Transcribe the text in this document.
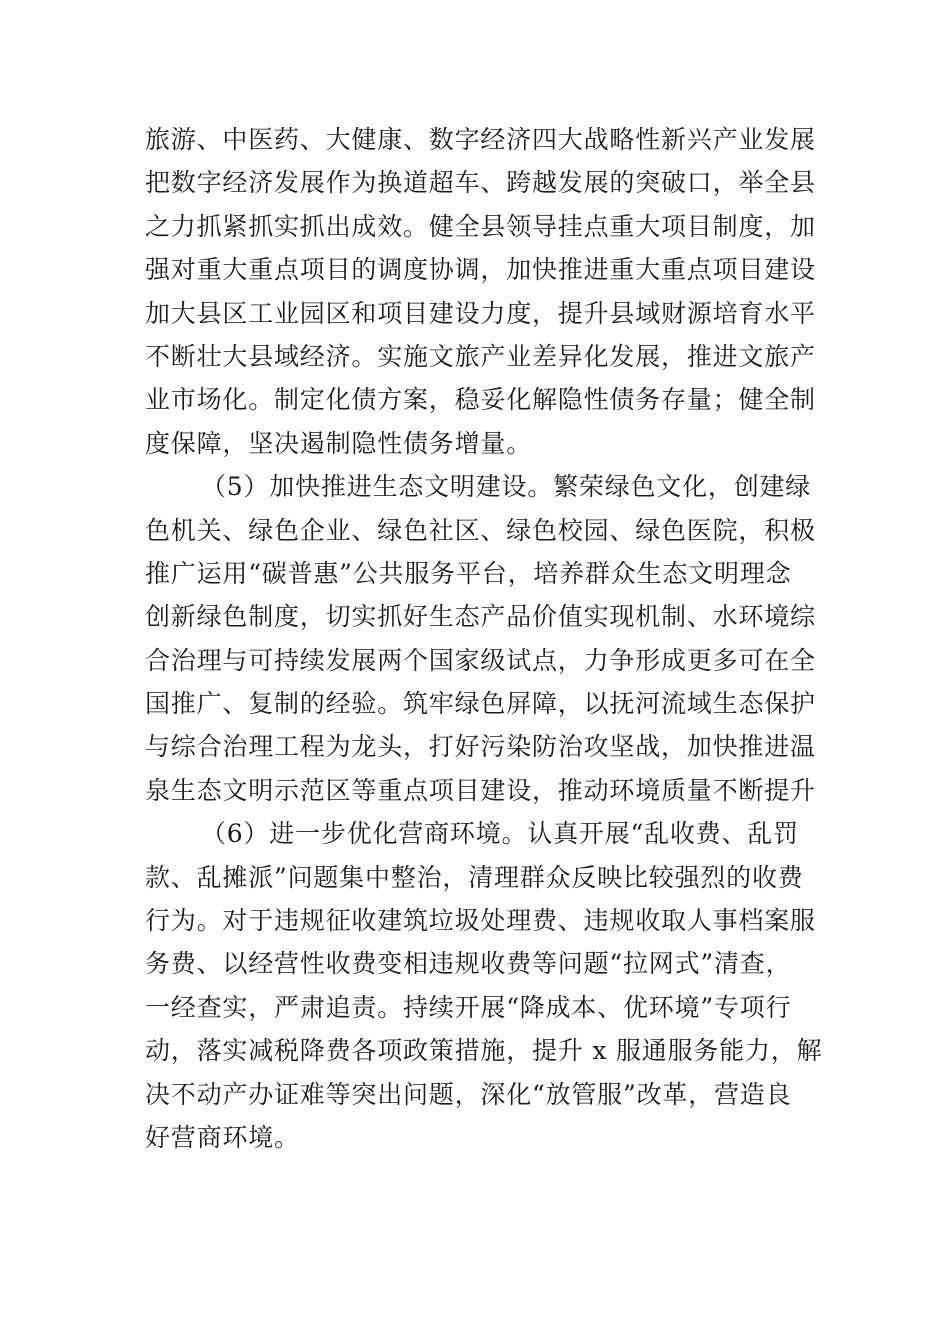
旅游、中医药、大健康、数字经济四大战略性新兴产业发展
把数字经济发展作为换道超车、跨越发展的突破口，举全县
之力抓紧抓实抓出成效。健全县领导挂点重大项目制度，加
强对重大重点项目的调度协调，加快推进重大重点项目建设
加大县区工业园区和项目建设力度，提升县域财源培育水平
不断壮大县域经济。实施文旅产业差异化发展，推进文旅产
业市场化。制定化债方案，稳妥化解隐性债务存量；健全制
度保障，坚决遏制隐性债务增量。
（5）加快推进生态文明建设。繁荣绿色文化，创建绿
色机关、绿色企业、绿色社区、绿色校园、绿色医院，积极
推广运用“碳普惠”公共服务平台，培养群众生态文明理念
创新绿色制度，切实抓好生态产品价值实现机制、水环境综
合治理与可持续发展两个国家级试点，力争形成更多可在全
国推广、复制的经验。筑牢绿色屏障，以抚河流域生态保护
与综合治理工程为龙头，打好污染防治攻坚战，加快推进温
泉生态文明示范区等重点项目建设，推动环境质量不断提升
（6）进一步优化营商环境。认真开展“乱收费、乱罚
款、乱摊派”问题集中整治，清理群众反映比较强烈的收费
行为。对于违规征收建筑垃圾处理费、违规收取人事档案服
务费、以经营性收费变相违规收费等问题“拉网式”清查，
一经查实，严肃追责。持续开展“降成本、优环境”专项行
动，落实减税降费各项政策措施，提升 x 服通服务能力，解
决不动产办证难等突出问题，深化“放管服”改革，营造良
好营商环境。
